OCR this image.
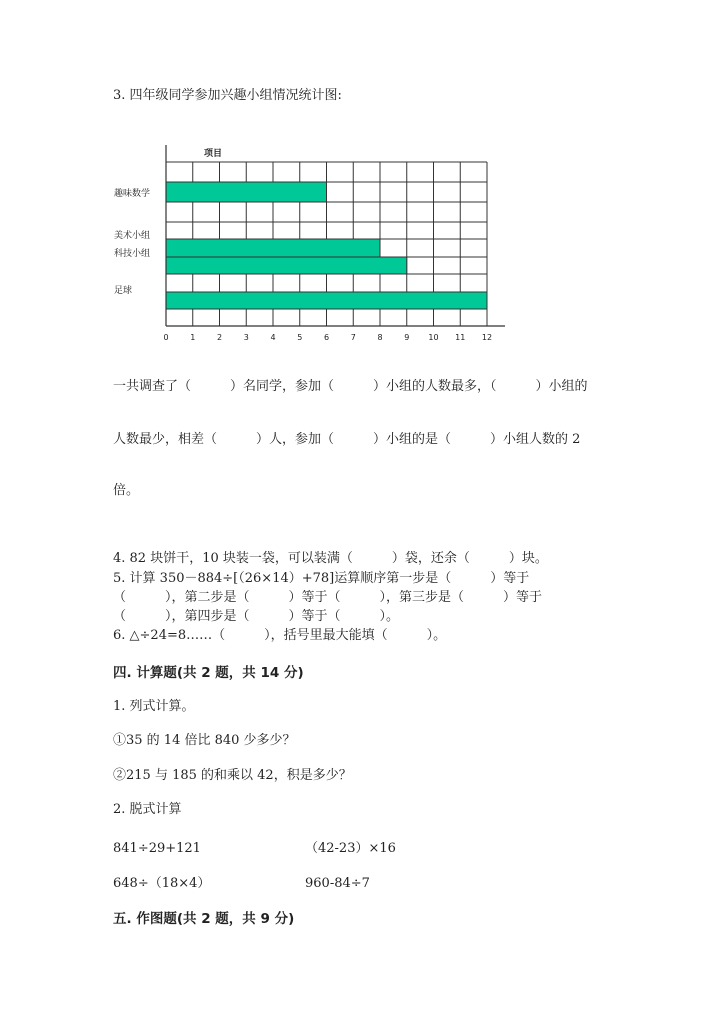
3. 四年级同学参加兴趣小组情况统计图:
趣味数学
美术小组
科技小组
足球
项目
0	1	2	3	4	5	6	7	8	9 10 11 12
一共调查了（　　　）名同学，参加（　　　）小组的人数最多，（　　　）小组的
人数最少，相差（　　　）人，参加（　　　）小组的是（　　　）小组人数的 2
倍。
4. 82 块饼干，10 块装一袋，可以装满（　　　）袋，还余（　　　）块。
5. 计算 350－884÷[（26×14）+78]运算顺序第一步是（　　　）等于
（　　　），第二步是（　　　）等于（　　　），第三步是（　　　）等于
（　　　），第四步是（　　　）等于（　　　）。
6. △÷24=8……（　　　），括号里最大能填（　　　）。
四. 计算题(共 2 题，共 14 分)
1. 列式计算。
①35 的 14 倍比 840 少多少？
②215 与 185 的和乘以 42，积是多少？
2. 脱式计算
841÷29+121	（42-23）×16
648÷（18×4）	960-84÷7
五. 作图题(共 2 题，共 9 分)
